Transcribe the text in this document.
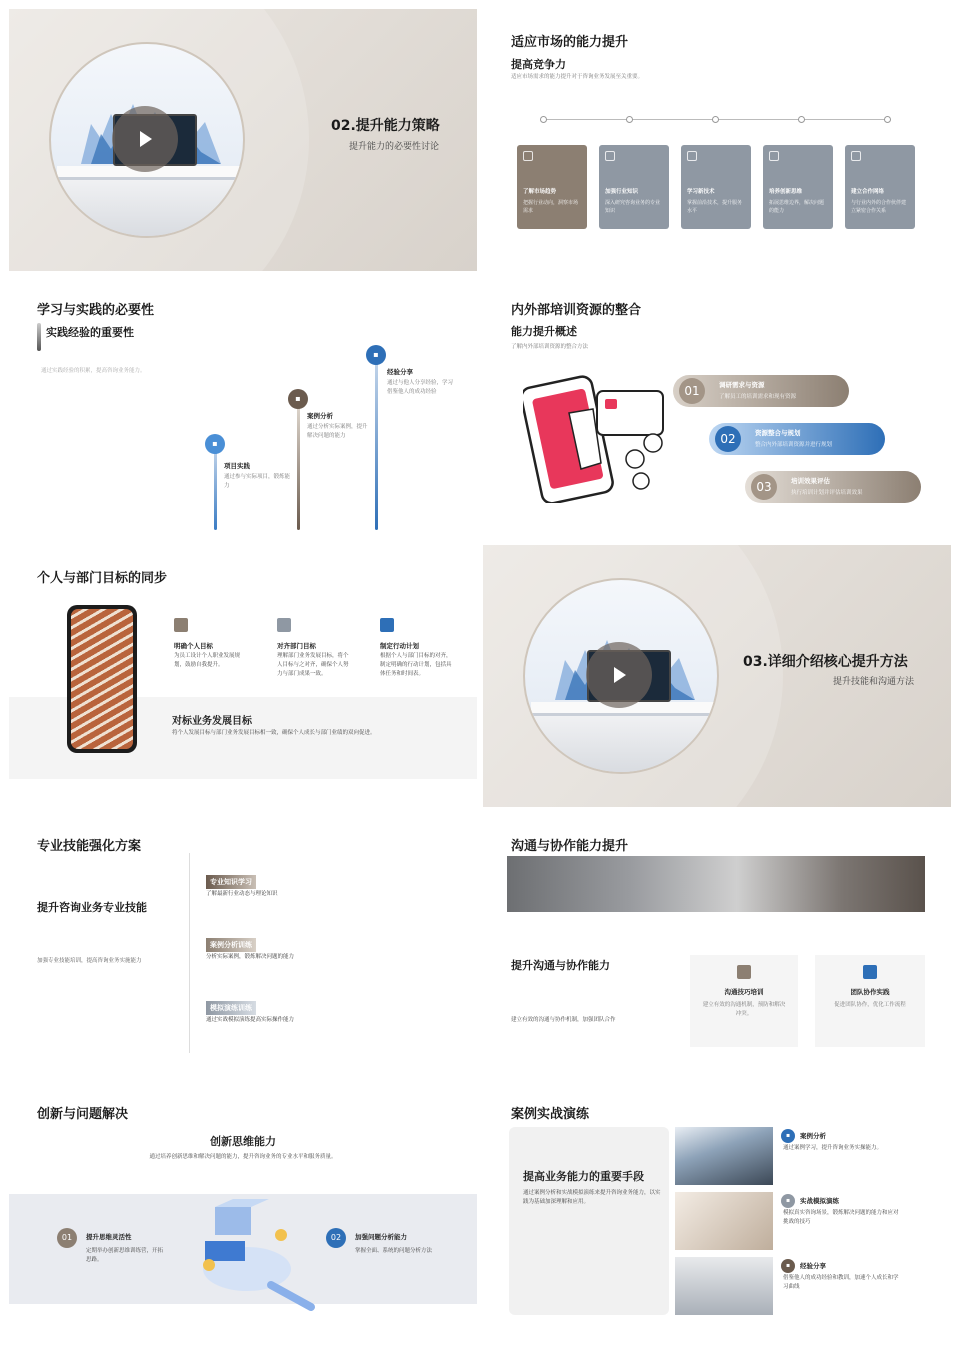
02.提升能力策略
提升能力的必要性讨论
适应市场的能力提升
提高竞争力
适应市场需求的能力提升对于咨询业务发展至关重要。
了解市场趋势
把握行业动向，洞察市场需求
加强行业知识
深入研究咨询业务的专业知识
学习新技术
掌握前沿技术，提升服务水平
培养创新思维
拓展思维边界，解决问题的能力
建立合作网络
与行业内外的合作伙伴建立紧密合作关系
学习与实践的必要性
实践经验的重要性
通过实践经验的积累，提高咨询业务能力。
▪
项目实践
通过参与实际项目，锻炼能力
▪
案例分析
通过分析实际案例，提升解决问题的能力
▪
经验分享
通过与他人分享经验，学习借鉴他人的成功经验
内外部培训资源的整合
能力提升概述
了解内外部培训资源的整合方法
01	调研需求与资源
了解员工的培训需求和现有资源
02	资源整合与规划
整合内外部培训资源并进行规划
03	培训效果评估
执行培训计划并评估培训效果
个人与部门目标的同步
明确个人目标
为员工设计个人职业发展规划，鼓励自我提升。
对齐部门目标
理解部门业务发展目标，将个人目标与之对齐，确保个人努力与部门成果一致。
制定行动计划
根据个人与部门目标的对齐，制定明确的行动计划，包括具体任务和时间表。
对标业务发展目标
将个人发展目标与部门业务发展目标相一致，确保个人成长与部门业绩的双向促进。
03.详细介绍核心提升方法
提升技能和沟通方法
专业技能强化方案
提升咨询业务专业技能
加强专业技能培训，提高咨询业务实施能力
专业知识学习
了解最新行业动态与理论知识
案例分析训练
分析实际案例，锻炼解决问题的能力
模拟演练训练
通过实战模拟演练提高实际操作能力
沟通与协作能力提升
提升沟通与协作能力
建立有效的沟通与协作机制，加强团队合作
沟通技巧培训
建立有效的沟通机制，预防和解决冲突。
团队协作实践
促进团队协作，优化工作流程
创新与问题解决
创新思维能力
通过培养创新思维和解决问题的能力，提升咨询业务的专业水平和服务质量。
01	提升思维灵活性
定期举办创新思维训练营，开拓思路。
02	加强问题分析能力
掌握全面、系统的问题分析方法
案例实战演练
提高业务能力的重要手段
通过案例分析和实战模拟演练来提升咨询业务能力，以实践为基础加深理解和应用。
▪	案例分析
通过案例学习，提升咨询业务实操能力。
▪	实战模拟演练
模拟真实咨询场景，锻炼解决问题的能力和应对挑战的技巧
▪	经验分享
借鉴他人的成功经验和教训，加速个人成长和学习曲线
